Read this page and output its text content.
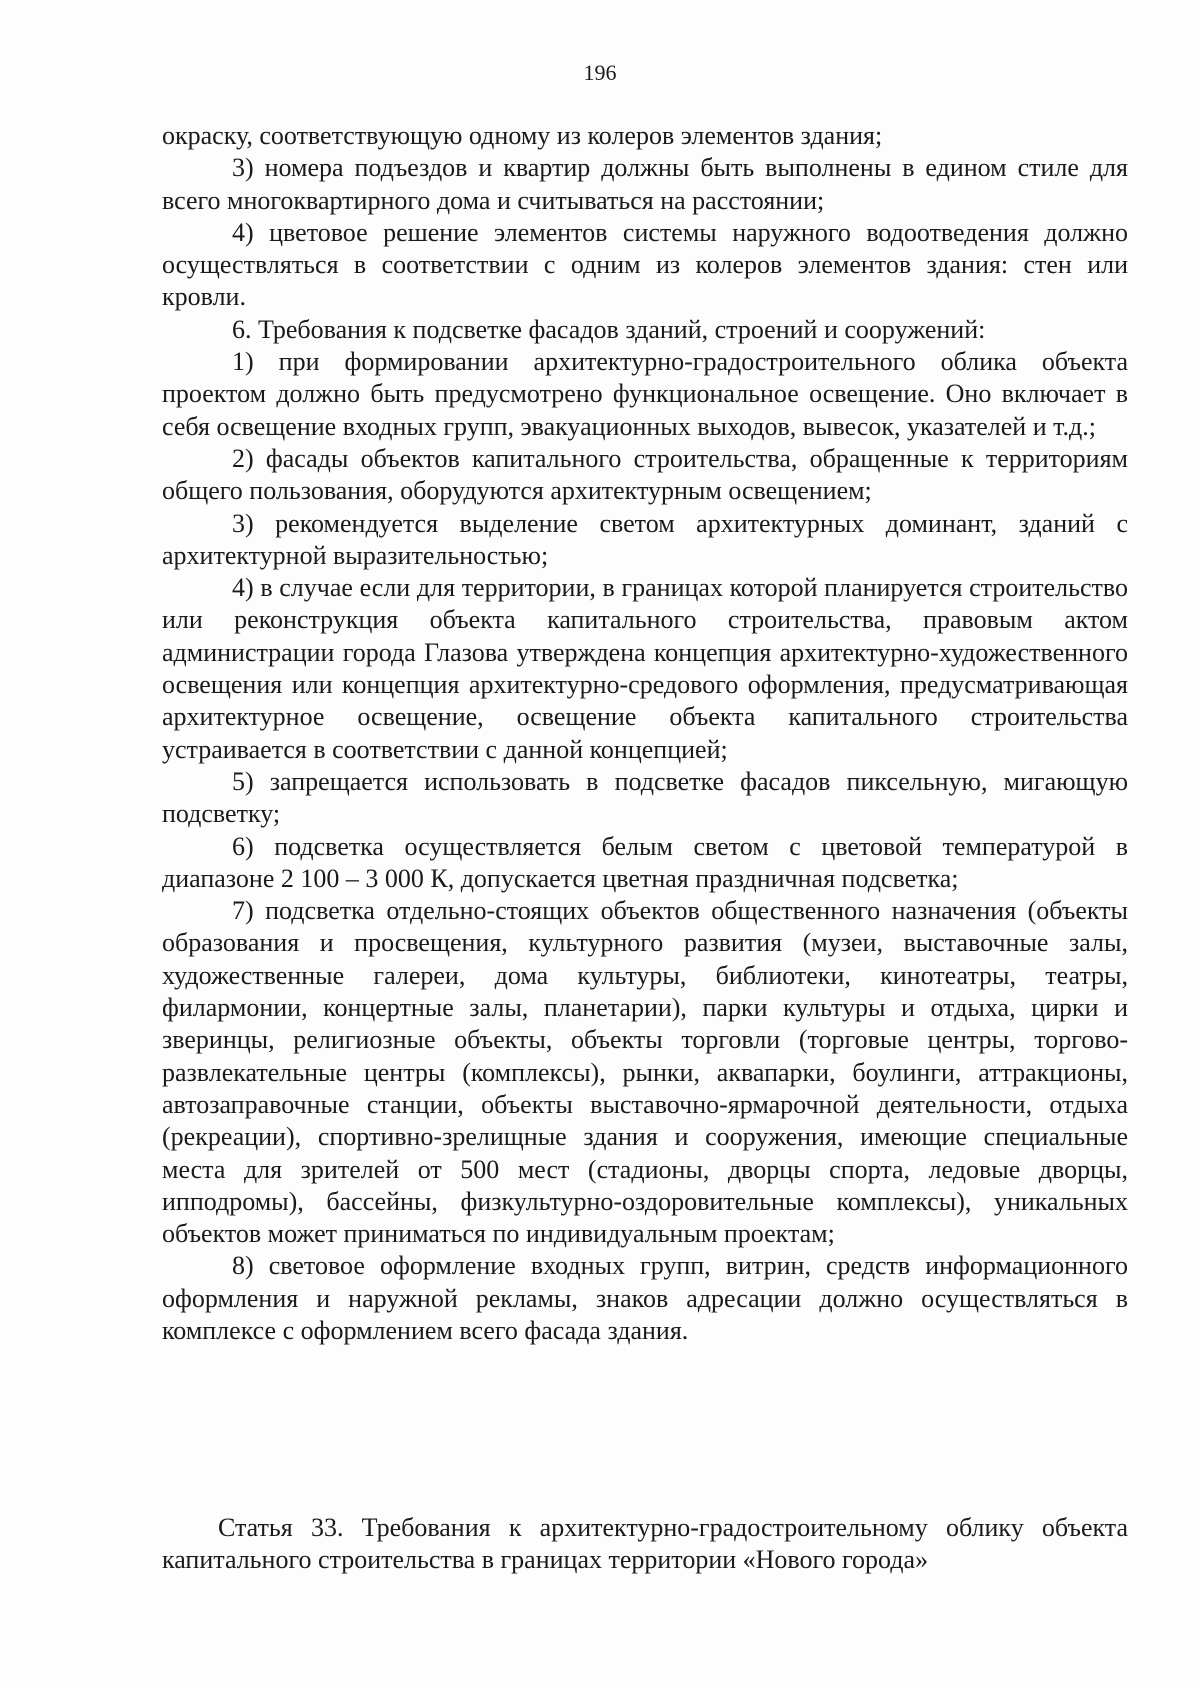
196

окраску, соответствующую одному из колеров элементов здания;

3) номера подъездов и квартир должны быть выполнены в едином стиле для всего многоквартирного дома и считываться на расстоянии;

4) цветовое решение элементов системы наружного водоотведения должно осуществляться в соответствии с одним из колеров элементов здания: стен или кровли.

6. Требования к подсветке фасадов зданий, строений и сооружений:

1) при формировании архитектурно-градостроительного облика объекта проектом должно быть предусмотрено функциональное освещение. Оно включает в себя освещение входных групп, эвакуационных выходов, вывесок, указателей и т.д.;

2) фасады объектов капитального строительства, обращенные к территориям общего пользования, оборудуются архитектурным освещением;

3) рекомендуется выделение светом архитектурных доминант, зданий с архитектурной выразительностью;

4) в случае если для территории, в границах которой планируется строительство или реконструкция объекта капитального строительства, правовым актом администрации города Глазова утверждена концепция архитектурно-художественного освещения или концепция архитектурно-средового оформления, предусматривающая архитектурное освещение, освещение объекта капитального строительства устраивается в соответствии с данной концепцией;

5) запрещается использовать в подсветке фасадов пиксельную, мигающую подсветку;

6) подсветка осуществляется белым светом с цветовой температурой в диапазоне 2 100 – 3 000 К, допускается цветная праздничная подсветка;

7) подсветка отдельно-стоящих объектов общественного назначения (объекты образования и просвещения, культурного развития (музеи, выставочные залы, художественные галереи, дома культуры, библиотеки, кинотеатры, театры, филармонии, концертные залы, планетарии), парки культуры и отдыха, цирки и зверинцы, религиозные объекты, объекты торговли (торговые центры, торгово-развлекательные центры (комплексы), рынки, аквапарки, боулинги, аттракционы, автозаправочные станции, объекты выставочно-ярмарочной деятельности, отдыха (рекреации), спортивно-зрелищные здания и сооружения, имеющие специальные места для зрителей от 500 мест (стадионы, дворцы спорта, ледовые дворцы, ипподромы), бассейны, физкультурно-оздоровительные комплексы), уникальных объектов может приниматься по индивидуальным проектам;

8) световое оформление входных групп, витрин, средств информационного оформления и наружной рекламы, знаков адресации должно осуществляться в комплексе с оформлением всего фасада здания.

Статья 33. Требования к архитектурно-градостроительному облику объекта капитального строительства в границах территории «Нового города»
